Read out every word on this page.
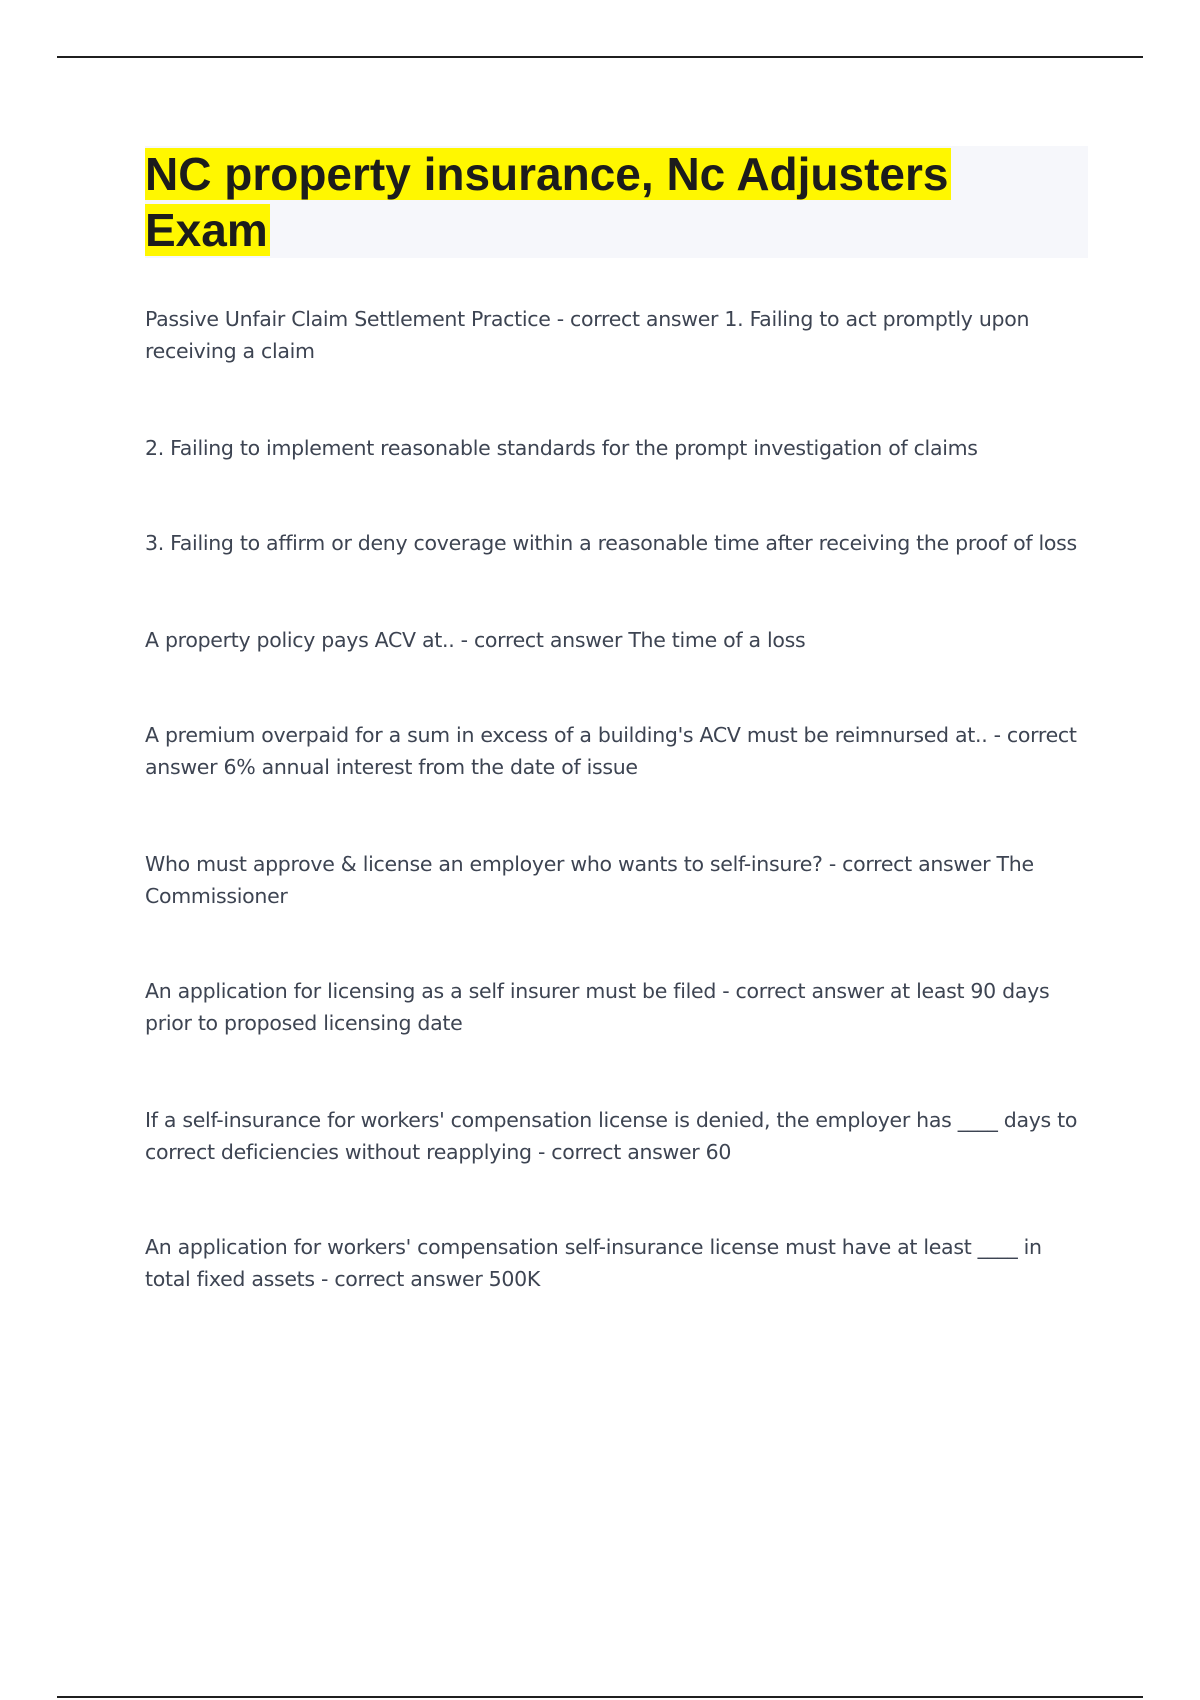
NC property insurance, Nc Adjusters Exam

Passive Unfair Claim Settlement Practice - correct answer 1. Failing to act promptly upon receiving a claim

2. Failing to implement reasonable standards for the prompt investigation of claims

3. Failing to affirm or deny coverage within a reasonable time after receiving the proof of loss

A property policy pays ACV at.. - correct answer The time of a loss

A premium overpaid for a sum in excess of a building's ACV must be reimnursed at.. - correct answer 6% annual interest from the date of issue

Who must approve & license an employer who wants to self-insure? - correct answer The Commissioner

An application for licensing as a self insurer must be filed - correct answer at least 90 days prior to proposed licensing date

If a self-insurance for workers' compensation license is denied, the employer has ____ days to correct deficiencies without reapplying - correct answer 60

An application for workers' compensation self-insurance license must have at least ____ in total fixed assets - correct answer 500K
